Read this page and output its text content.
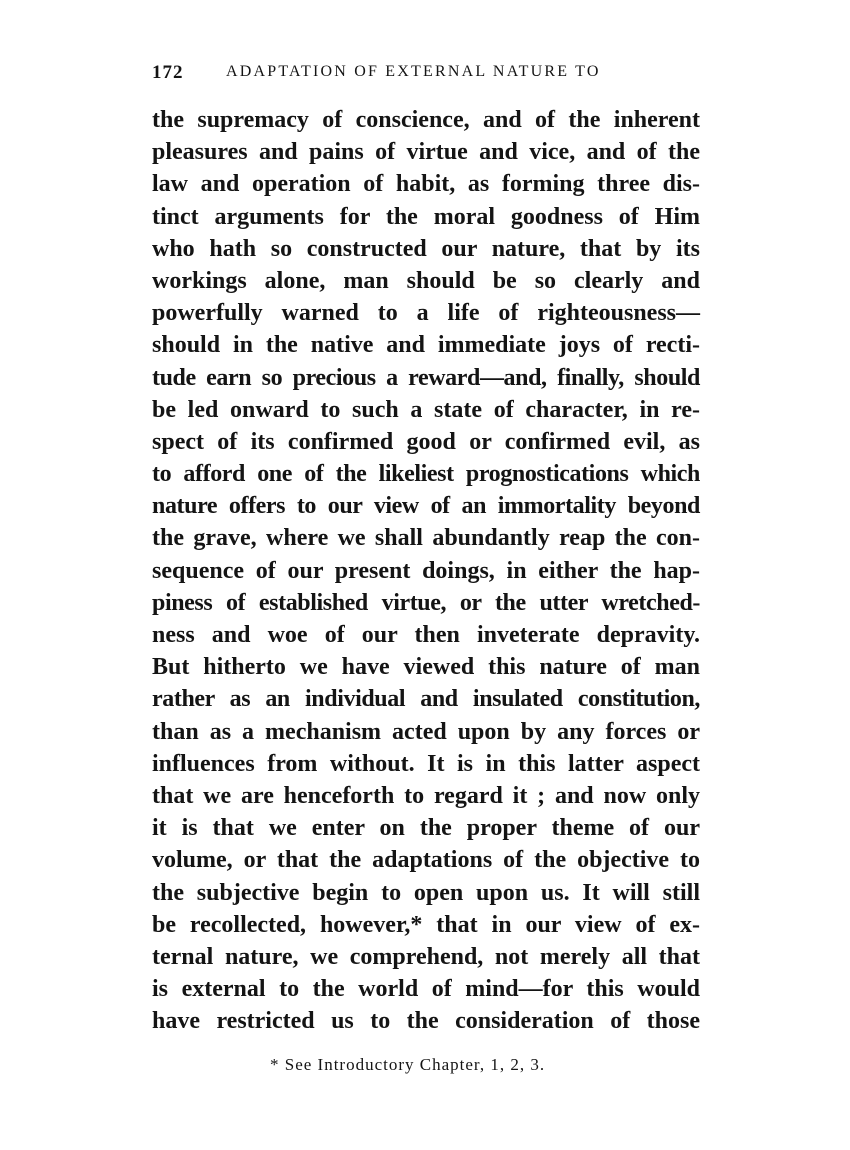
172	ADAPTATION OF EXTERNAL NATURE TO
the supremacy of conscience, and of the inherent
pleasures and pains of virtue and vice, and of the
law and operation of habit, as forming three dis-
tinct arguments for the moral goodness of Him
who hath so constructed our nature, that by its
workings alone, man should be so clearly and
powerfully warned to a life of righteousness—
should in the native and immediate joys of recti-
tude earn so precious a reward—and, finally, should
be led onward to such a state of character, in re-
spect of its confirmed good or confirmed evil, as
to afford one of the likeliest prognostications which
nature offers to our view of an immortality beyond
the grave, where we shall abundantly reap the con-
sequence of our present doings, in either the hap-
piness of established virtue, or the utter wretched-
ness and woe of our then inveterate depravity.
But hitherto we have viewed this nature of man
rather as an individual and insulated constitution,
than as a mechanism acted upon by any forces or
influences from without. It is in this latter aspect
that we are henceforth to regard it ; and now only
it is that we enter on the proper theme of our
volume, or that the adaptations of the objective to
the subjective begin to open upon us. It will still
be recollected, however,* that in our view of ex-
ternal nature, we comprehend, not merely all that
is external to the world of mind—for this would
have restricted us to the consideration of those
* See Introductory Chapter, 1, 2, 3.
